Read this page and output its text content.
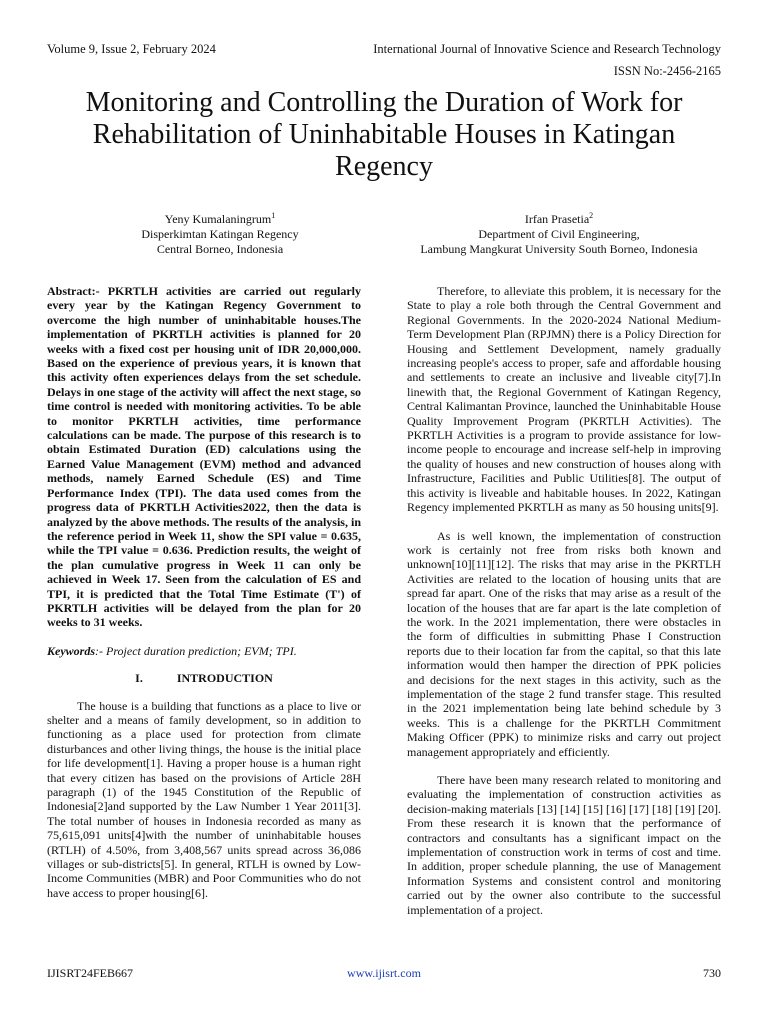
Volume 9, Issue 2, February 2024	International Journal of Innovative Science and Research Technology
ISSN No:-2456-2165
Monitoring and Controlling the Duration of Work for Rehabilitation of Uninhabitable Houses in Katingan Regency
Yeny Kumalaningrum$^1$
Disperkimtan Katingan Regency
Central Borneo, Indonesia
Irfan Prasetia$^2$
Department of Civil Engineering,
Lambung Mangkurat University South Borneo, Indonesia

Abstract:- PKRTLH activities are carried out regularly every year by the Katingan Regency Government to overcome the high number of uninhabitable houses.The implementation of PKRTLH activities is planned for 20 weeks with a fixed cost per housing unit of IDR 20,000,000. Based on the experience of previous years, it is known that this activity often experiences delays from the set schedule. Delays in one stage of the activity will affect the next stage, so time control is needed with monitoring activities. To be able to monitor PKRTLH activities, time performance calculations can be made. The purpose of this research is to obtain Estimated Duration (ED) calculations using the Earned Value Management (EVM) method and advanced methods, namely Earned Schedule (ES) and Time Performance Index (TPI). The data used comes from the progress data of PKRTLH Activities2022, then the data is analyzed by the above methods. The results of the analysis, in the reference period in Week 11, show the SPI value = 0.635, while the TPI value = 0.636. Prediction results, the weight of the plan cumulative progress in Week 11 can only be achieved in Week 17. Seen from the calculation of ES and TPI, it is predicted that the Total Time Estimate (T') of PKRTLH activities will be delayed from the plan for 20 weeks to 31 weeks.

Keywords:- Project duration prediction; EVM; TPI.

I.	INTRODUCTION

The house is a building that functions as a place to live or shelter and a means of family development, so in addition to functioning as a place used for protection from climate disturbances and other living things, the house is the initial place for life development[1]. Having a proper house is a human right that every citizen has based on the provisions of Article 28H paragraph (1) of the 1945 Constitution of the Republic of Indonesia[2]and supported by the Law Number 1 Year 2011[3]. The total number of houses in Indonesia recorded as many as 75,615,091 units[4]with the number of uninhabitable houses (RTLH) of 4.50%, from 3,408,567 units spread across 36,086 villages or sub-districts[5]. In general, RTLH is owned by Low-Income Communities (MBR) and Poor Communities who do not have access to proper housing[6].

Therefore, to alleviate this problem, it is necessary for the State to play a role both through the Central Government and Regional Governments. In the 2020-2024 National Medium-Term Development Plan (RPJMN) there is a Policy Direction for Housing and Settlement Development, namely gradually increasing people's access to proper, safe and affordable housing and settlements to create an inclusive and liveable city[7].In linewith that, the Regional Government of Katingan Regency, Central Kalimantan Province, launched the Uninhabitable House Quality Improvement Program (PKRTLH Activities). The PKRTLH Activities is a program to provide assistance for low-income people to encourage and increase self-help in improving the quality of houses and new construction of houses along with Infrastructure, Facilities and Public Utilities[8]. The output of this activity is liveable and habitable houses. In 2022, Katingan Regency implemented PKRTLH as many as 50 housing units[9].

As is well known, the implementation of construction work is certainly not free from risks both known and unknown[10][11][12]. The risks that may arise in the PKRTLH Activities are related to the location of housing units that are spread far apart. One of the risks that may arise as a result of the location of the houses that are far apart is the late completion of the work. In the 2021 implementation, there were obstacles in the form of difficulties in submitting Phase I Construction reports due to their location far from the capital, so that this late information would then hamper the direction of PPK policies and decisions for the next stages in this activity, such as the implementation of the stage 2 fund transfer stage. This resulted in the 2021 implementation being late behind schedule by 3 weeks. This is a challenge for the PKRTLH Commitment Making Officer (PPK) to minimize risks and carry out project management appropriately and efficiently.

There have been many research related to monitoring and evaluating the implementation of construction activities as decision-making materials [13] [14] [15] [16] [17] [18] [19] [20]. From these research it is known that the performance of contractors and consultants has a significant impact on the implementation of construction work in terms of cost and time. In addition, proper schedule planning, the use of Management Information Systems and consistent control and monitoring carried out by the owner also contribute to the successful implementation of a project.

IJISRT24FEB667	www.ijisrt.com	730
